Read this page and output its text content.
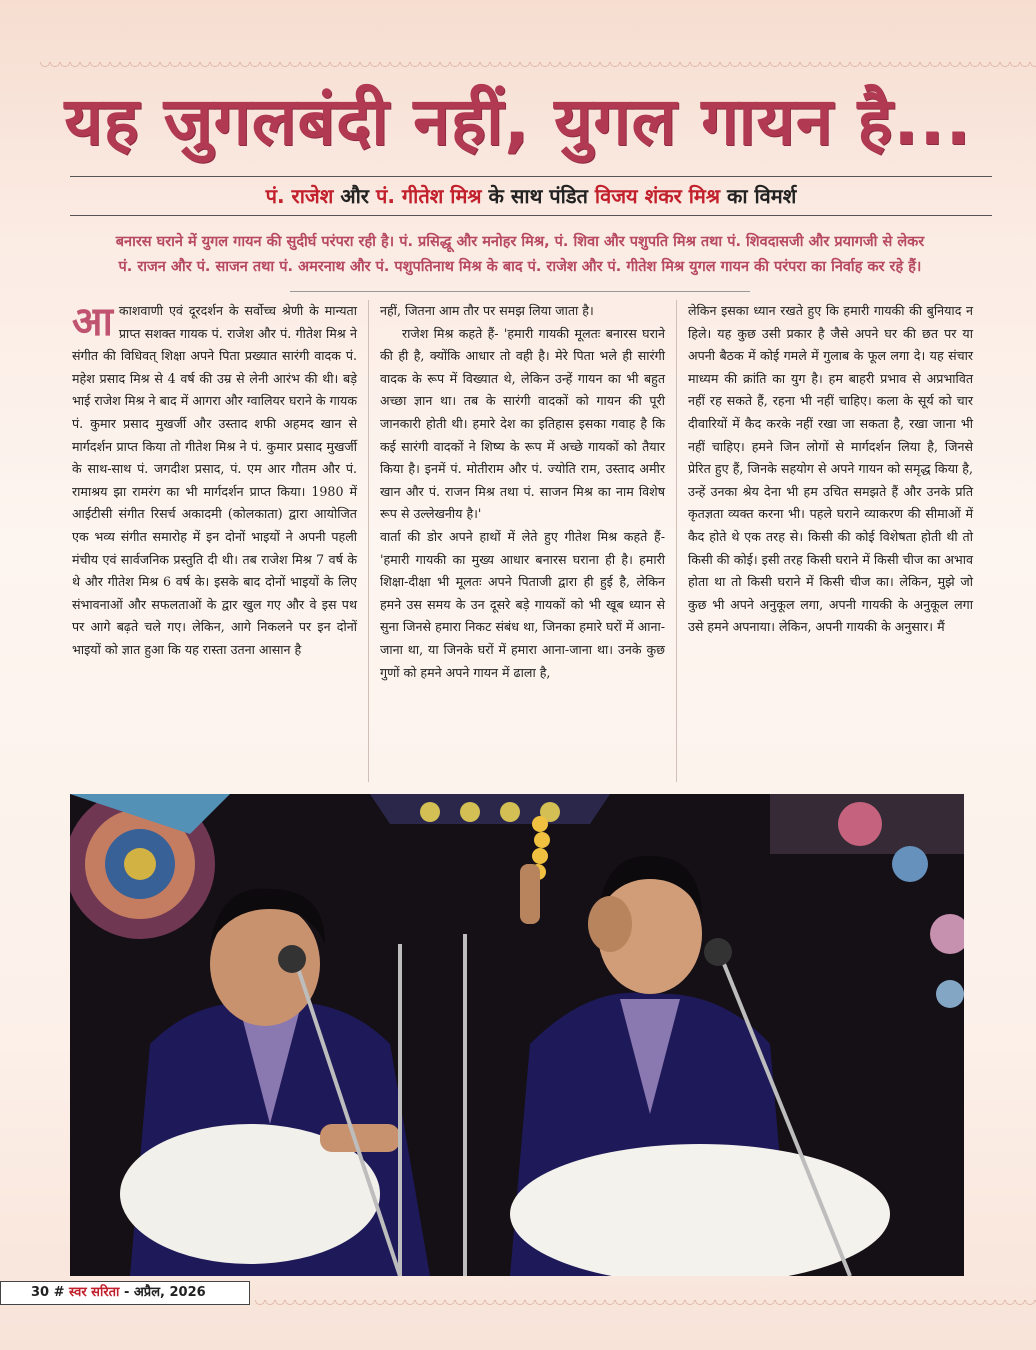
यह जुगलबंदी नहीं, युगल गायन है...
पं. राजेश और पं. गीतेश मिश्र के साथ पंडित विजय शंकर मिश्र का विमर्श
बनारस घराने में युगल गायन की सुदीर्घ परंपरा रही है। पं. प्रसिद्धू और मनोहर मिश्र, पं. शिवा और पशुपति मिश्र तथा पं. शिवदासजी और प्रयागजी से लेकर
पं. राजन और पं. साजन तथा पं. अमरनाथ और पं. पशुपतिनाथ मिश्र के बाद पं. राजेश और पं. गीतेश मिश्र युगल गायन की परंपरा का निर्वाह कर रहे हैं।

आकाशवाणी एवं दूरदर्शन के सर्वोच्च श्रेणी के मान्यता प्राप्त सशक्त गायक पं. राजेश और पं. गीतेश मिश्र ने संगीत की विधिवत् शिक्षा अपने पिता प्रख्यात सारंगी वादक पं. महेश प्रसाद मिश्र से 4 वर्ष की उम्र से लेनी आरंभ की थी। बड़े भाई राजेश मिश्र ने बाद में आगरा और ग्वालियर घराने के गायक पं. कुमार प्रसाद मुखर्जी और उस्ताद शफी अहमद खान से मार्गदर्शन प्राप्त किया तो गीतेश मिश्र ने पं. कुमार प्रसाद मुखर्जी के साथ-साथ पं. जगदीश प्रसाद, पं. एम आर गौतम और पं. रामाश्रय झा रामरंग का भी मार्गदर्शन प्राप्त किया। 1980 में आईटीसी संगीत रिसर्च अकादमी (कोलकाता) द्वारा आयोजित एक भव्य संगीत समारोह में इन दोनों भाइयों ने अपनी पहली मंचीय एवं सार्वजनिक प्रस्तुति दी थी। तब राजेश मिश्र 7 वर्ष के थे और गीतेश मिश्र 6 वर्ष के। इसके बाद दोनों भाइयों के लिए संभावनाओं और सफलताओं के द्वार खुल गए और वे इस पथ पर आगे बढ़ते चले गए। लेकिन, आगे निकलने पर इन दोनों भाइयों को ज्ञात हुआ कि यह रास्ता उतना आसान है

नहीं, जितना आम तौर पर समझ लिया जाता है।

राजेश मिश्र कहते हैं- 'हमारी गायकी मूलतः बनारस घराने की ही है, क्योंकि आधार तो वही है। मेरे पिता भले ही सारंगी वादक के रूप में विख्यात थे, लेकिन उन्हें गायन का भी बहुत अच्छा ज्ञान था। तब के सारंगी वादकों को गायन की पूरी जानकारी होती थी। हमारे देश का इतिहास इसका गवाह है कि कई सारंगी वादकों ने शिष्य के रूप में अच्छे गायकों को तैयार किया है। इनमें पं. मोतीराम और पं. ज्योति राम, उस्ताद अमीर खान और पं. राजन मिश्र तथा पं. साजन मिश्र का नाम विशेष रूप से उल्लेखनीय है।'

वार्ता की डोर अपने हाथों में लेते हुए गीतेश मिश्र कहते हैं- 'हमारी गायकी का मुख्य आधार बनारस घराना ही है। हमारी शिक्षा-दीक्षा भी मूलतः अपने पिताजी द्वारा ही हुई है, लेकिन हमने उस समय के उन दूसरे बड़े गायकों को भी खूब ध्यान से सुना जिनसे हमारा निकट संबंध था, जिनका हमारे घरों में आना-जाना था, या जिनके घरों में हमारा आना-जाना था। उनके कुछ गुणों को हमने अपने गायन में ढाला है,

लेकिन इसका ध्यान रखते हुए कि हमारी गायकी की बुनियाद न हिले। यह कुछ उसी प्रकार है जैसे अपने घर की छत पर या अपनी बैठक में कोई गमले में गुलाब के फूल लगा दे। यह संचार माध्यम की क्रांति का युग है। हम बाहरी प्रभाव से अप्रभावित नहीं रह सकते हैं, रहना भी नहीं चाहिए। कला के सूर्य को चार दीवारियों में कैद करके नहीं रखा जा सकता है, रखा जाना भी नहीं चाहिए। हमने जिन लोगों से मार्गदर्शन लिया है, जिनसे प्रेरित हुए हैं, जिनके सहयोग से अपने गायन को समृद्ध किया है, उन्हें उनका श्रेय देना भी हम उचित समझते हैं और उनके प्रति कृतज्ञता व्यक्त करना भी। पहले घराने व्याकरण की सीमाओं में कैद होते थे एक तरह से। किसी की कोई विशेषता होती थी तो किसी की कोई। इसी तरह किसी घराने में किसी चीज का अभाव होता था तो किसी घराने में किसी चीज का। लेकिन, मुझे जो कुछ भी अपने अनुकूल लगा, अपनी गायकी के अनुकूल लगा उसे हमने अपनाया। लेकिन, अपनी गायकी के अनुसार। मैं

30 # स्वर सरिता - अप्रैल, 2026
